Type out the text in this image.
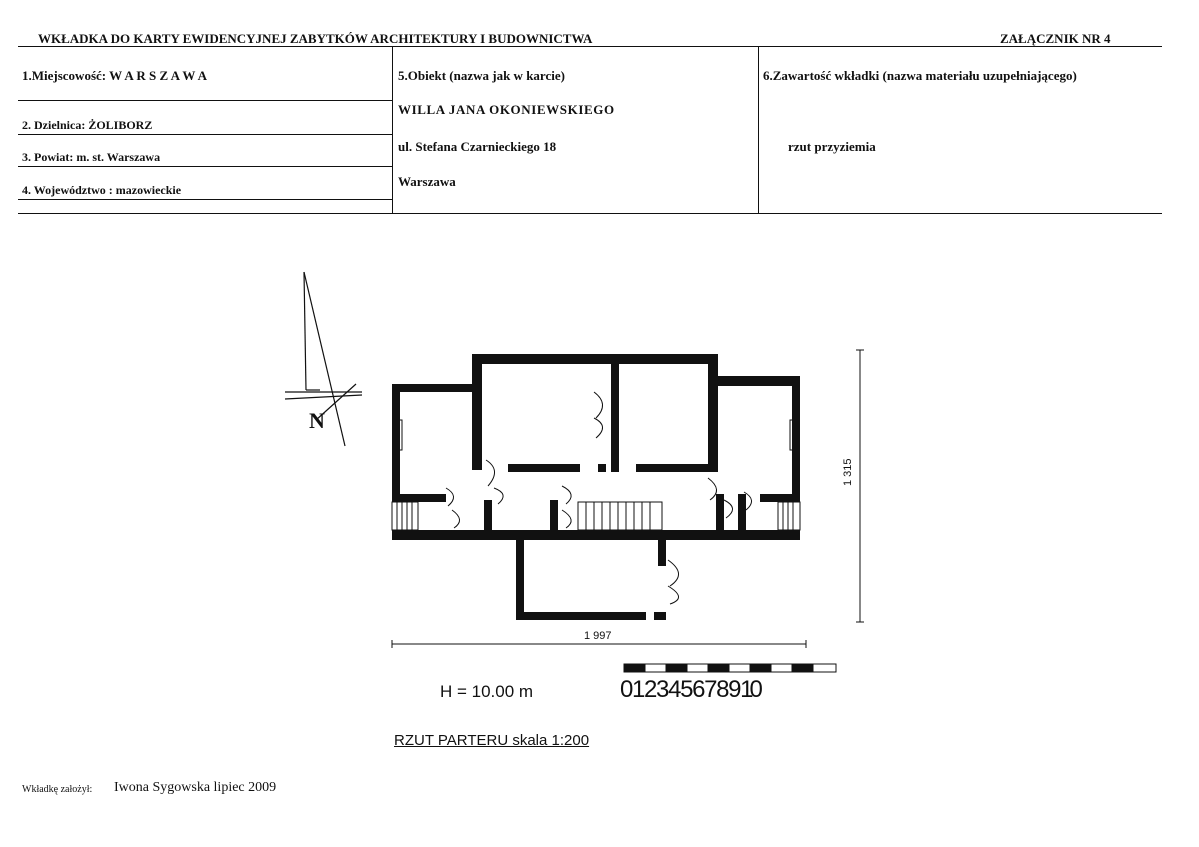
WKŁADKA DO KARTY EWIDENCYJNEJ ZABYTKÓW ARCHITEKTURY I BUDOWNICTWA	ZAŁĄCZNIK NR 4
1.Miejscowość: W A R S Z A W A
2. Dzielnica: ŻOLIBORZ
3. Powiat: m. st. Warszawa
4. Województwo : mazowieckie
5.Obiekt (nazwa jak w karcie)
WILLA JANA OKONIEWSKIEGO
ul. Stefana Czarnieckiego 18
Warszawa
6.Zawartość wkładki (nazwa materiału uzupełniającego)
rzut przyziemia
N
1 997
1 315
H = 10.00 m	0 1 2 3 4 5 6 7 8 9 10
RZUT PARTERU skala 1:200
Wkładkę założył: Iwona Sygowska lipiec 2009
